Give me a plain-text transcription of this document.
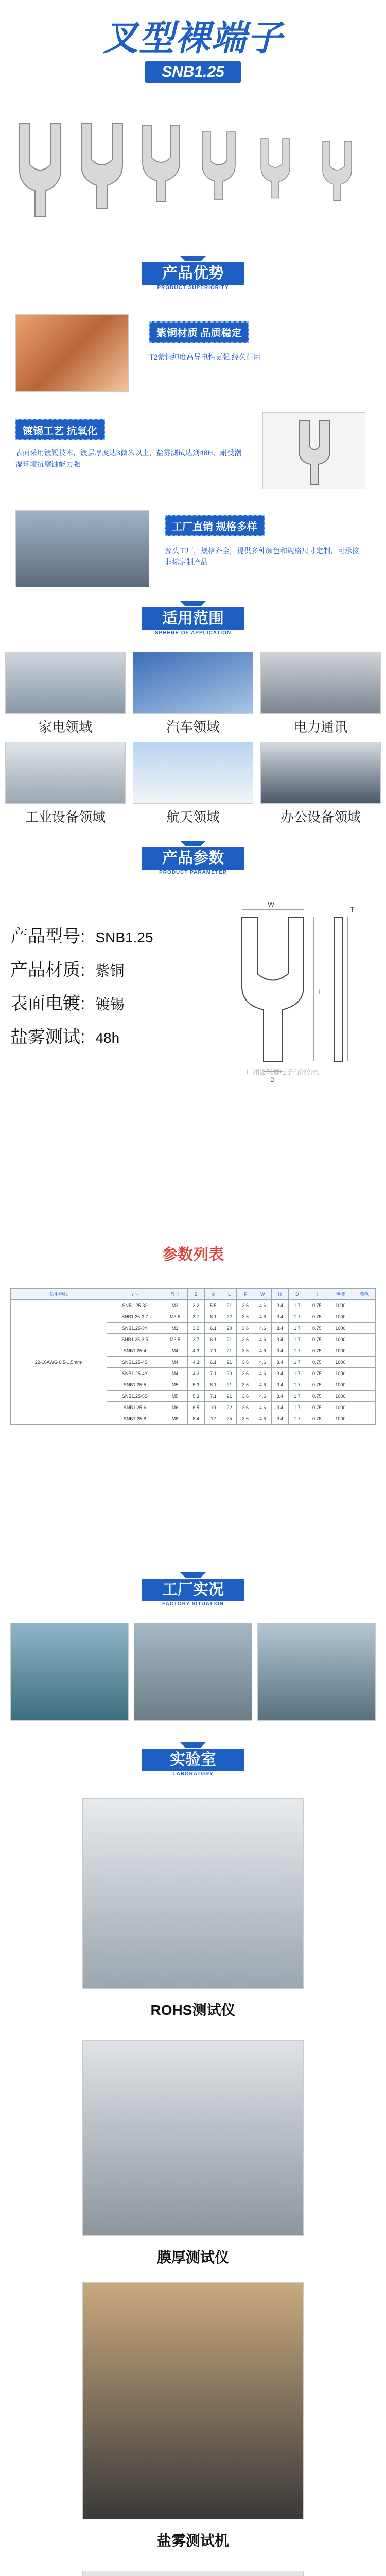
叉型裸端子
SNB1.25
产品优势
PRODUCT SUPERIORITY
紫铜材质 品质稳定
T2紫铜纯度高导电性更强,经久耐用
镀锡工艺 抗氧化
表面采用镀锡技术，镀层厚度达3微米以上，盐雾测试达到48H，耐受潮湿环境抗腐蚀能力强
工厂直销 规格多样
源头工厂，规格齐全，提供多种颜色和规格尺寸定制，可承接非标定制产品
适用范围
SPHERE OF APPLICATION
家电领域	汽车领域	电力通讯
工业设备领域	航天领域	办公设备领域
产品参数
PRODUCT PARAMETER
产品型号: SNB1.25
产品材质: 紫铜
表面电镀: 镀锡
盐雾测试: 48h
W
L
T
D
广州思锐德电子有限公司
参数列表
适用电线	型号	尺寸	B	d	L	F	W	H	D	t	包装	颜色
22-16AWG 0.5-1.5mm²	SNB1.25-32	M3	3.2	5.5	21	3.6	4.6	3.4	1.7	0.75	1000	
	SNB1.25-3.7	M3.5	3.7	6.1	22	3.6	4.6	3.4	1.7	0.75	1000	
	SNB1.25-3Y	M3	3.2	6.1	20	3.6	4.6	3.4	1.7	0.75	1000	
	SNB1.25-3.5	M3.5	3.7	6.1	21	3.6	4.6	3.4	1.7	0.75	1000	
	SNB1.25-4	M4	4.3	7.1	21	3.6	4.6	3.4	1.7	0.75	1000	
	SNB1.25-4S	M4	4.3	6.1	21	3.6	4.6	3.4	1.7	0.75	1000	
	SNB1.25-4Y	M4	4.3	7.1	20	3.6	4.6	3.4	1.7	0.75	1000	
	SNB1.25-5	M5	5.3	8.1	21	3.6	4.6	3.4	1.7	0.75	1000	
	SNB1.25-5S	M5	5.3	7.1	21	3.6	4.6	3.4	1.7	0.75	1000	
	SNB1.25-6	M6	6.5	10	22	3.6	4.6	3.4	1.7	0.75	1000	
	SNB1.25-8	M8	8.4	12	25	3.6	4.6	3.4	1.7	0.75	1000	
工厂实况
FACTORY SITUATION
实验室
LABORATORY
ROHS测试仪
膜厚测试仪
盐雾测试机
